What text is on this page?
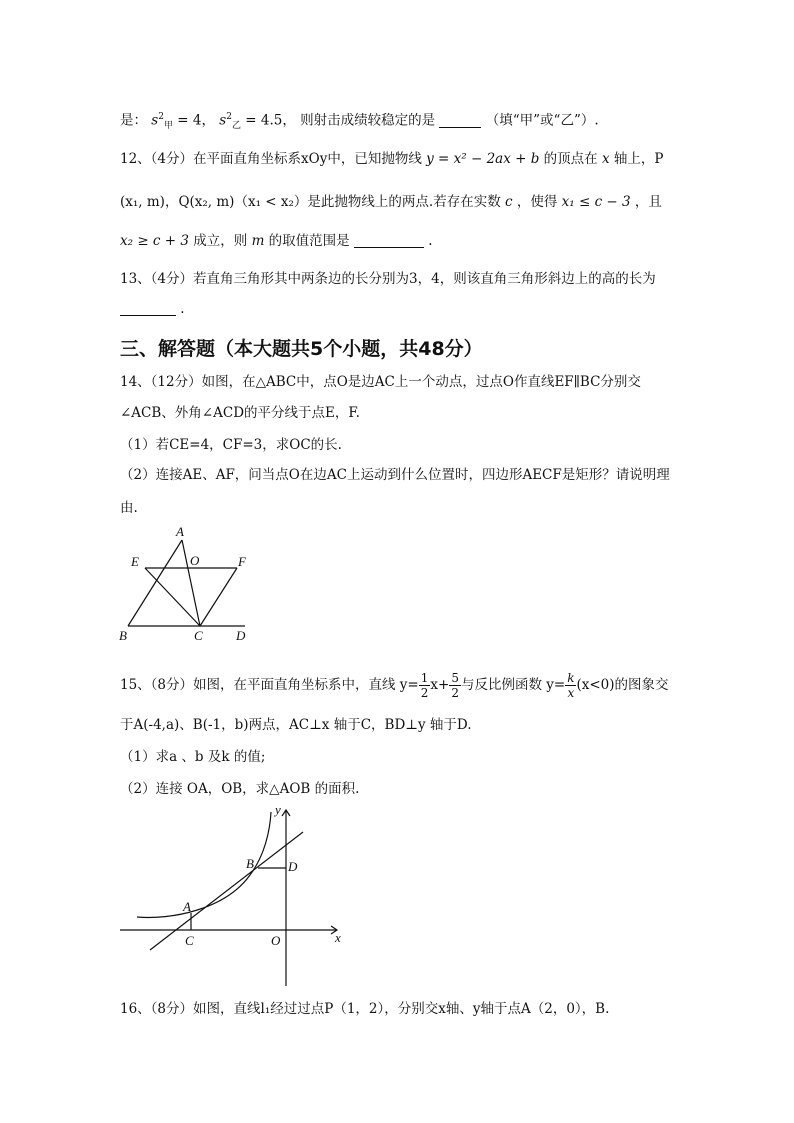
是： $s^2_甲 = 4$， $s^2_乙 = 4.5$， 则射击成绩较稳定的是	（填“甲”或“乙”）.
12、（4分）在平面直角坐标系xOy中，已知抛物线 y = x² − 2ax + b 的顶点在 x 轴上，P
(x₁, m)，Q(x₂, m)（x₁ < x₂）是此抛物线上的两点.若存在实数 c ，使得 x₁ ≤ c − 3 ，且
x₂ ≥ c + 3 成立，则 m 的取值范围是	.
13、（4分）若直角三角形其中两条边的长分别为3，4，则该直角三角形斜边上的高的长为
.
三、解答题（本大题共5个小题，共48分）
14、（12分）如图，在△ABC中，点O是边AC上一个动点，过点O作直线EF∥BC分别交
∠ACB、外角∠ACD的平分线于点E，F.
（1）若CE=4，CF=3，求OC的长.
（2）连接AE、AF，问当点O在边AC上运动到什么位置时，四边形AECF是矩形？请说明理
由.
A
E	O	F
B	C	D
15、（8分）如图，在平面直角坐标系中，直线 $y= \frac{1}{2} x+ \frac{5}{2}$ 与反比例函数 $y= \frac{k}{x} (x<0)$的图象交
于A(-4,a)、B(-1，b)两点，AC⊥x 轴于C，BD⊥y 轴于D.
（1）求a 、b 及k 的值;
（2）连接 OA，OB，求△AOB 的面积.
y
B	D
A
C	O	x
16、（8分）如图，直线l₁经过过点P（1，2），分别交x轴、y轴于点A（2，0），B.
